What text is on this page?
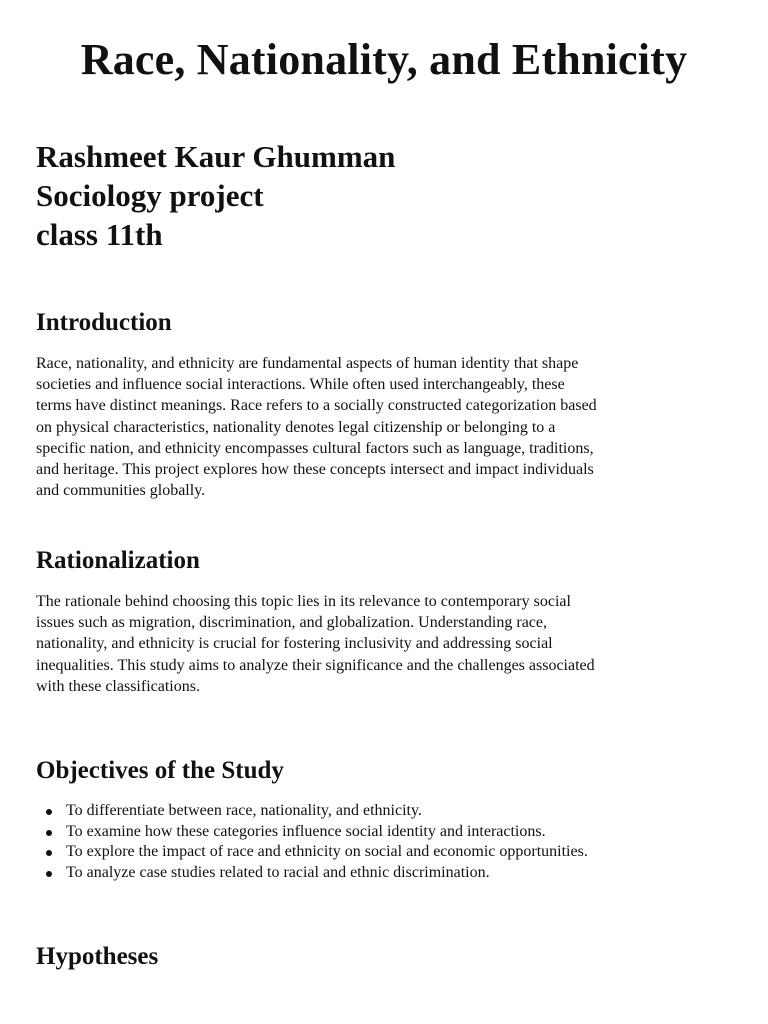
Race, Nationality, and Ethnicity
Rashmeet Kaur Ghumman
Sociology project
class 11th
Introduction

Race, nationality, and ethnicity are fundamental aspects of human identity that shape
societies and influence social interactions. While often used interchangeably, these
terms have distinct meanings. Race refers to a socially constructed categorization based
on physical characteristics, nationality denotes legal citizenship or belonging to a
specific nation, and ethnicity encompasses cultural factors such as language, traditions,
and heritage. This project explores how these concepts intersect and impact individuals
and communities globally.

Rationalization

The rationale behind choosing this topic lies in its relevance to contemporary social
issues such as migration, discrimination, and globalization. Understanding race,
nationality, and ethnicity is crucial for fostering inclusivity and addressing social
inequalities. This study aims to analyze their significance and the challenges associated
with these classifications.

Objectives of the Study
To differentiate between race, nationality, and ethnicity.
To examine how these categories influence social identity and interactions.
To explore the impact of race and ethnicity on social and economic opportunities.
To analyze case studies related to racial and ethnic discrimination.
Hypotheses
